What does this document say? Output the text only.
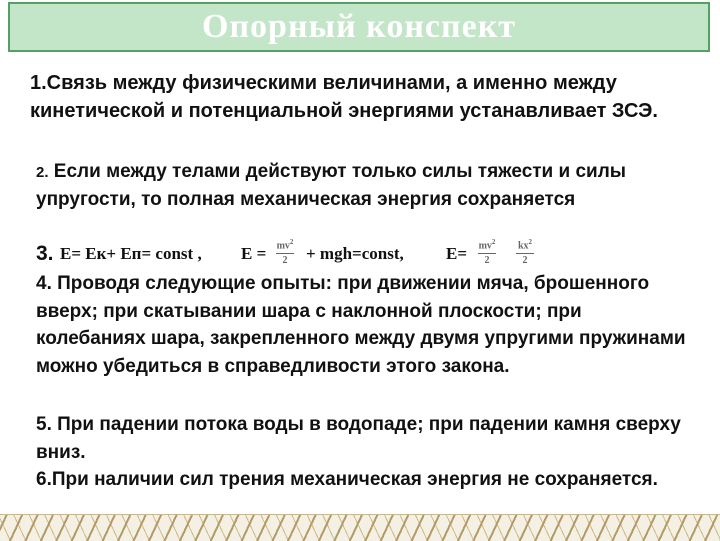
Опорный конспект

1.Связь между физическими величинами, а именно между кинетической и потенциальной энергиями устанавливает ЗСЭ.

2. Если между телами действуют только силы тяжести и силы упругости, то полная механическая энергия сохраняется

3. E= Eк+ Eп= const , $E = mv^2$
2 + mgh=const, $E= mv^2$
2
$kx^2$
2

4. Проводя следующие опыты: при движении мяча, брошенного вверх; при скатывании шара с наклонной плоскости; при колебаниях шара, закрепленного между двумя упругими пружинами можно убедиться в справедливости этого закона.

5. При падении потока воды в водопаде; при падении камня сверху вниз.

6.При наличии сил трения механическая энергия не сохраняется.
